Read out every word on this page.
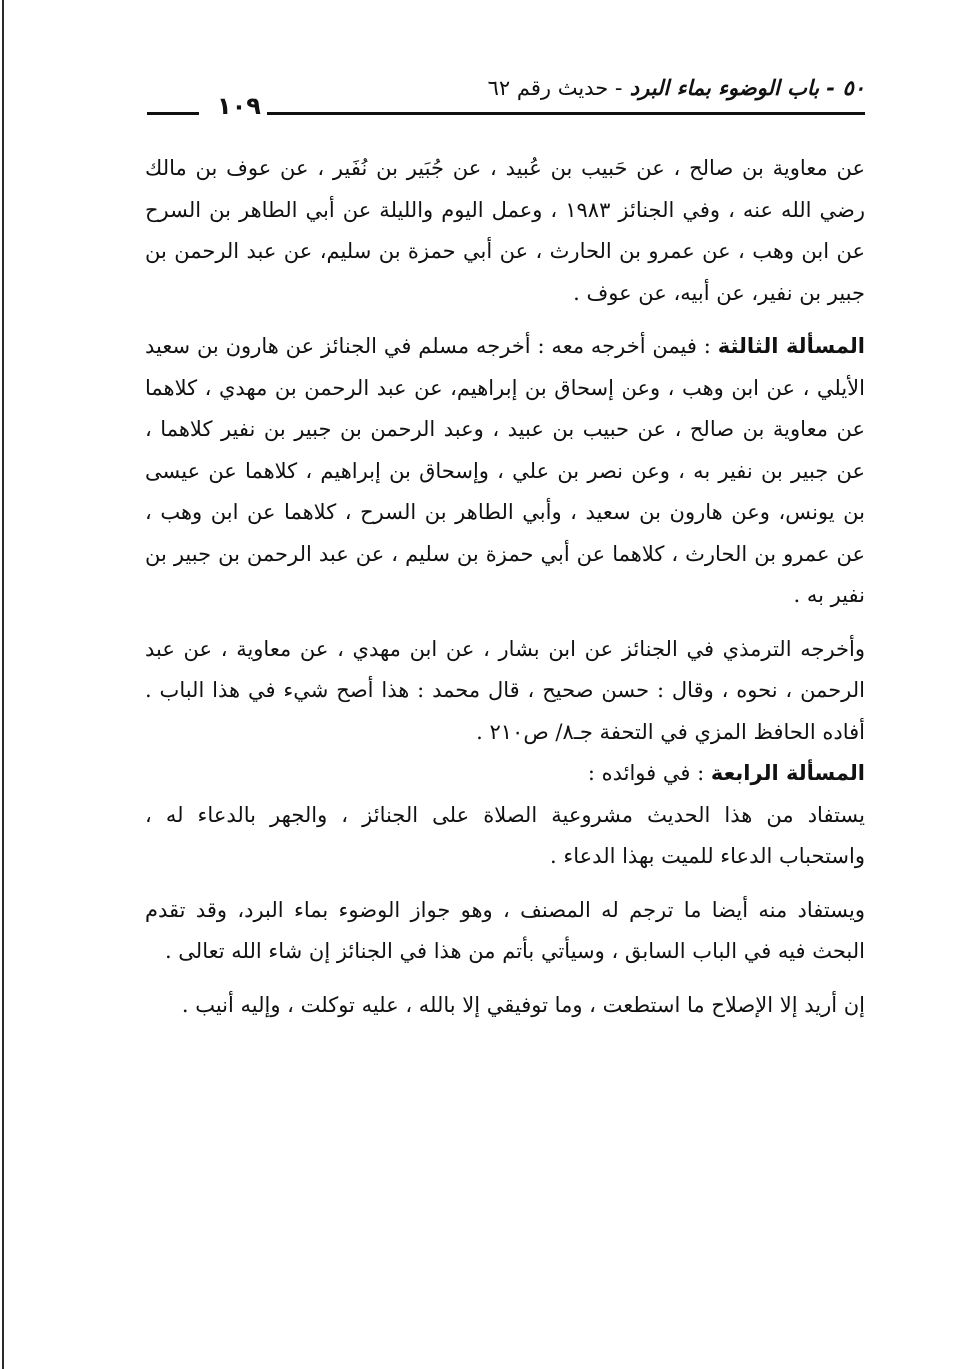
٥٠ - باب الوضوء بماء البرد - حديث رقم ٦٢
١٠٩

عن معاوية بن صالح ، عن حَبيب بن عُبيد ، عن جُبَير بن نُفَير ، عن عوف بن مالك رضي الله عنه ، وفي الجنائز ١٩٨٣ ، وعمل اليوم والليلة عن أبي الطاهر بن السرح عن ابن وهب ، عن عمرو بن الحارث ، عن أبي حمزة بن سليم، عن عبد الرحمن بن جبير بن نفير، عن أبيه، عن عوف .

المسألة الثالثة : فيمن أخرجه معه : أخرجه مسلم في الجنائز عن هارون بن سعيد الأيلي ، عن ابن وهب ، وعن إسحاق بن إبراهيم، عن عبد الرحمن بن مهدي ، كلاهما عن معاوية بن صالح ، عن حبيب بن عبيد ، وعبد الرحمن بن جبير بن نفير كلاهما ، عن جبير بن نفير به ، وعن نصر بن علي ، وإسحاق بن إبراهيم ، كلاهما عن عيسى بن يونس، وعن هارون بن سعيد ، وأبي الطاهر بن السرح ، كلاهما عن ابن وهب ، عن عمرو بن الحارث ، كلاهما عن أبي حمزة بن سليم ، عن عبد الرحمن بن جبير بن نفير به .

وأخرجه الترمذي في الجنائز عن ابن بشار ، عن ابن مهدي ، عن معاوية ، عن عبد الرحمن ، نحوه ، وقال : حسن صحيح ، قال محمد : هذا أصح شيء في هذا الباب . أفاده الحافظ المزي في التحفة جـ٨/ ص٢١٠ .

المسألة الرابعة : في فوائده :

يستفاد من هذا الحديث مشروعية الصلاة على الجنائز ، والجهر بالدعاء له ، واستحباب الدعاء للميت بهذا الدعاء .

ويستفاد منه أيضا ما ترجم له المصنف ، وهو جواز الوضوء بماء البرد، وقد تقدم البحث فيه في الباب السابق ، وسيأتي بأتم من هذا في الجنائز إن شاء الله تعالى .

إن أريد إلا الإصلاح ما استطعت ، وما توفيقي إلا بالله ، عليه توكلت ، وإليه أنيب .
